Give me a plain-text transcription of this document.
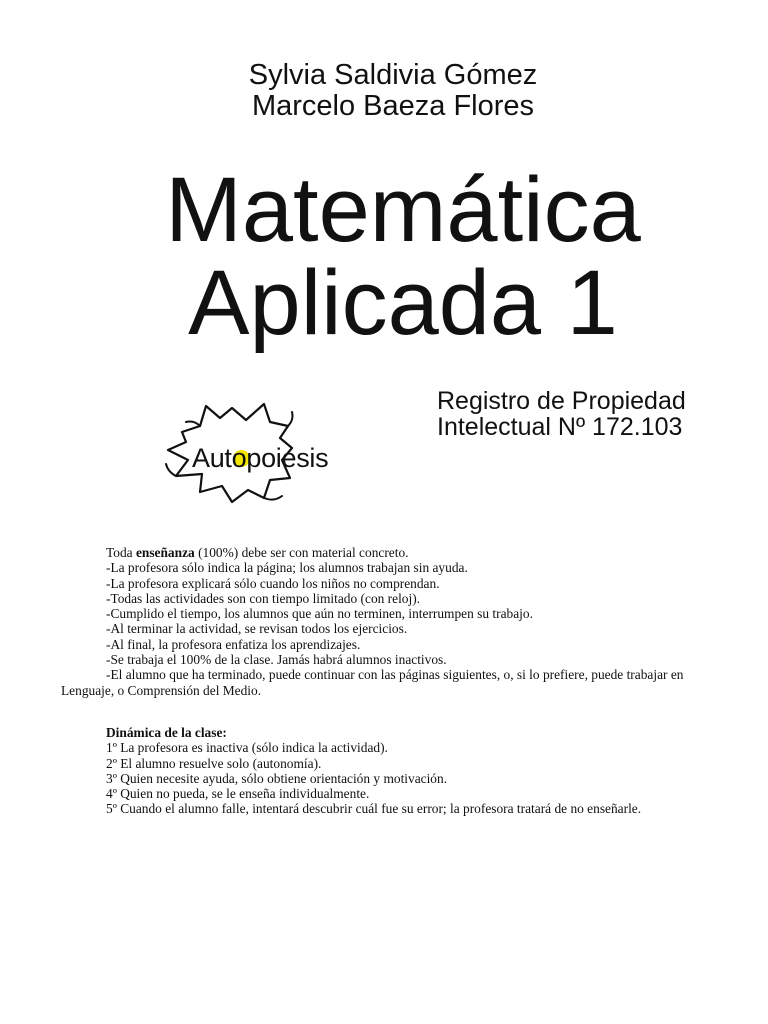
Sylvia Saldivia Gómez
Marcelo Baeza Flores
Matemática
Aplicada 1
Registro de Propiedad
Intelectual Nº 172.103
Aut
opoiesis

Toda enseñanza (100%) debe ser con material concreto.

-La profesora sólo indica la página; los alumnos trabajan sin ayuda.

-La profesora explicará sólo cuando los niños no comprendan.

-Todas las actividades son con tiempo limitado (con reloj).

-Cumplido el tiempo, los alumnos que aún no terminen, interrumpen su trabajo.

-Al terminar la actividad, se revisan todos los ejercicios.

-Al final, la profesora enfatiza los aprendizajes.

-Se trabaja el 100% de la clase. Jamás habrá alumnos inactivos.

-El alumno que ha terminado, puede continuar con las páginas siguientes, o, si lo prefiere, puede trabajar en Lenguaje, o Comprensión del Medio.

Dinámica de la clase:

1º La profesora es inactiva (sólo indica la actividad).

2º El alumno resuelve solo (autonomía).

3º Quien necesite ayuda, sólo obtiene orientación y motivación.

4º Quien no pueda, se le enseña individualmente.

5º Cuando el alumno falle, intentará descubrir cuál fue su error; la profesora tratará de no enseñarle.
